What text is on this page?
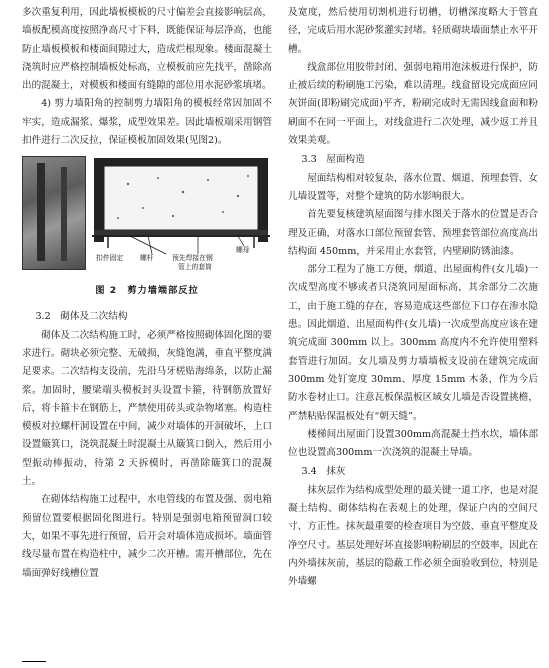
多次重复利用，因此墙板模板的尺寸偏差会直接影响层高，墙板配模高度按照净高尺寸下料，既能保证每层净高，也能防止墙板模板和楼面间隙过大，造成烂根现象。楼面混凝土浇筑时应严格控制墙板处标高，立模板前应先找平，凿除高出的混凝土，对模板和楼面有缝隙的部位用水泥砂浆填堵。

4) 剪力墙阳角的控制剪力墙阳角的模板经常因加固不牢实，造成漏浆、爆浆，成型效果差。因此墙板端采用钢管扣件进行二次反拉，保证模板加固效果(见图2)。

扣件固定 螺杆	预先焊接在钢
管上的套筒
螺母
图 2　剪力墙端部反拉
3.2　砌体及二次结构

砌体及二次结构施工时，必须严格按照砌体固化图的要求进行。砌块必须完整、无破损，灰缝饱满，垂直平整度满足要求。二次结构支设前，先沿马牙槎贴海绵条，以防止漏浆。加固时，腰梁端头模板封头设置卡箍，待钢筋放置好后，将卡箍卡在钢筋上，严禁使用砖头或杂物堵塞。构造柱模板对拉螺杆洞设置在中间，减少对墙体的开洞破坏，上口设置簸箕口，浇筑混凝土时混凝土从簸箕口倒入，然后用小型振动棒振动，待第 2 天拆模时，再凿除簸箕口的混凝土。

在砌体结构施工过程中，水电管线的布置及强、弱电箱预留位置要根据固化图进行。特别是强弱电箱预留洞口较大，如果不事先进行预留，后开会对墙体造成损坏。墙面管线尽量布置在构造柱中，减少二次开槽。需开槽部位，先在墙面弹好线槽位置

及宽度，然后使用切割机进行切槽，切槽深度略大于管直径，完成后用水泥砂浆灌实封堵。轻质砌块墙面禁止水平开槽。

线盒部位用胶带封闭、强弱电箱用泡沫板进行保护，防止被后续的粉刷施工污染，难以清理。线盒留设完成面应同灰饼面(即粉刷完成面)平齐，粉刷完成时无需因线盒面和粉刷面不在同一平面上，对线盒进行二次处理，减少返工并且效果美观。

3.3　屋面构造

屋面结构相对较复杂，落水位置、烟道、预埋套管、女儿墙设置等，对整个建筑的防水影响很大。

首先要复核建筑屋面图与排水图关于落水的位置是否合理及正确，对落水口部位预留套管、预埋套管部位高度高出结构面 450mm，并采用止水套管，内壁刷防锈油漆。

部分工程为了施工方便，烟道、出屋面构件(女儿墙)一次成型高度不够或者只浇筑同屋面标高，其余部分二次施工，由于施工缝的存在，容易造成这些部位下口存在渗水隐患。因此烟道、出屋面构件(女儿墙)一次成型高度应该在建筑完成面 300mm 以上。300mm 高度内不允许使用塑料套管进行加固。女儿墙及剪力墙墙板支设前在建筑完成面 300mm 处钉宽度 30mm、厚度 15mm 木条，作为今后防水卷材止口。注意瓦板保温板区域女儿墙是否设置挑檐，严禁粘贴保温板处有“朝天缝”。

楼梯间出屋面门设置300mm高混凝土挡水坎，墙体部位也设置高300mm一次浇筑的混凝土导墙。

3.4　抹灰

抹灰层作为结构成型处理的最关键一道工序，也是对混凝土结构、砌体结构在表观上的处理，保证户内的空间尺寸、方正性。抹灰最重要的检查项目为空鼓、垂直平整度及净空尺寸。基层处理好坏直接影响粉刷层的空鼓率，因此在内外墙抹灰前，基层的隐蔽工作必须全面验收到位，特别是外墙螺
